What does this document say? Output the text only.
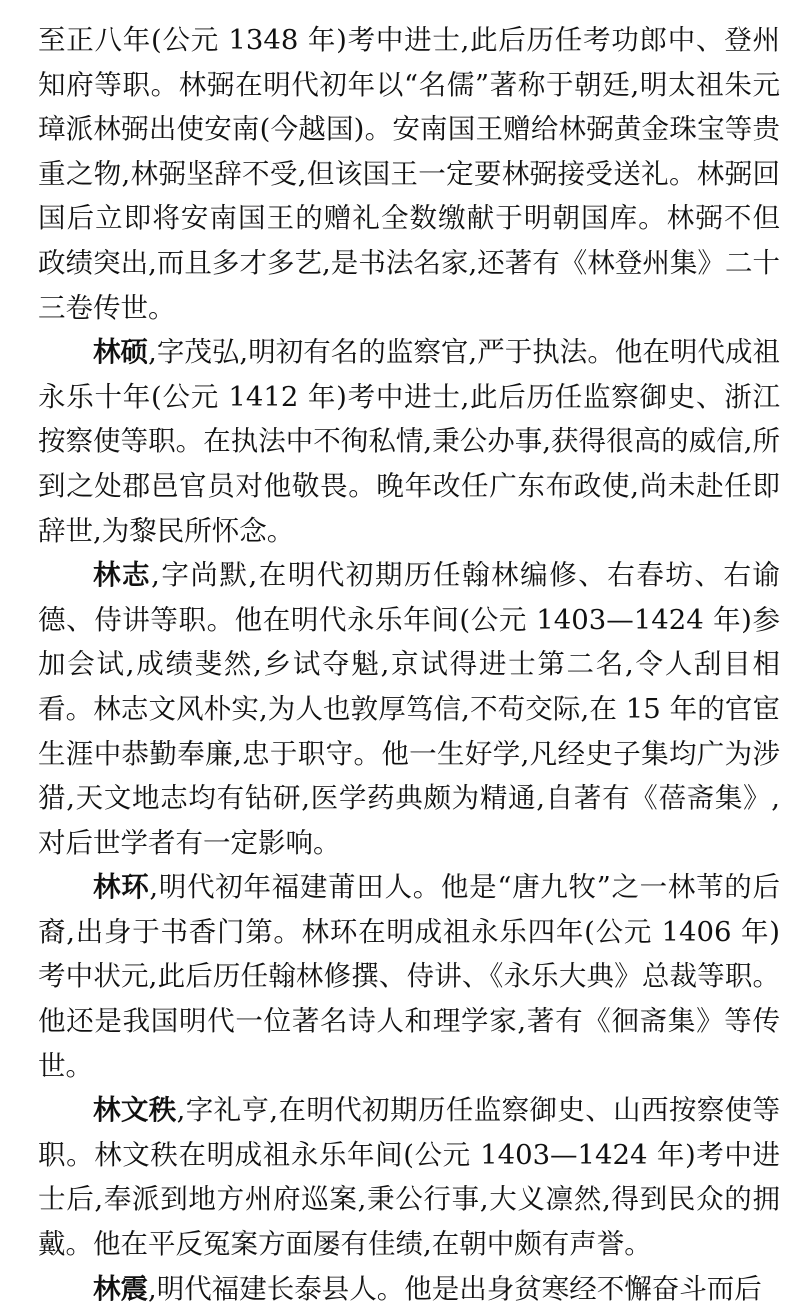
至正八年(公元 1348 年)考中进士,此后历任考功郎中、登州知府等职。林弼在明代初年以“名儒”著称于朝廷,明太祖朱元璋派林弼出使安南(今越国)。安南国王赠给林弼黄金珠宝等贵重之物,林弼坚辞不受,但该国王一定要林弼接受送礼。林弼回国后立即将安南国王的赠礼全数缴献于明朝国库。林弼不但政绩突出,而且多才多艺,是书法名家,还著有《林登州集》二十三卷传世。

林硕,字茂弘,明初有名的监察官,严于执法。他在明代成祖永乐十年(公元 1412 年)考中进士,此后历任监察御史、浙江按察使等职。在执法中不徇私情,秉公办事,获得很高的威信,所到之处郡邑官员对他敬畏。晚年改任广东布政使,尚未赴任即辞世,为黎民所怀念。

林志,字尚默,在明代初期历任翰林编修、右春坊、右谕德、侍讲等职。他在明代永乐年间(公元 1403—1424 年)参加会试,成绩斐然,乡试夺魁,京试得进士第二名,令人刮目相看。林志文风朴实,为人也敦厚笃信,不苟交际,在 15 年的官宦生涯中恭勤奉廉,忠于职守。他一生好学,凡经史子集均广为涉猎,天文地志均有钻研,医学药典颇为精通,自著有《蓓斋集》,对后世学者有一定影响。

林环,明代初年福建莆田人。他是“唐九牧”之一林苇的后裔,出身于书香门第。林环在明成祖永乐四年(公元 1406 年)考中状元,此后历任翰林修撰、侍讲、《永乐大典》总裁等职。他还是我国明代一位著名诗人和理学家,著有《徊斋集》等传世。

林文秩,字礼亨,在明代初期历任监察御史、山西按察使等职。林文秩在明成祖永乐年间(公元 1403—1424 年)考中进士后,奉派到地方州府巡案,秉公行事,大义凛然,得到民众的拥戴。他在平反冤案方面屡有佳绩,在朝中颇有声誉。

林震,明代福建长泰县人。他是出身贫寒经不懈奋斗而后
